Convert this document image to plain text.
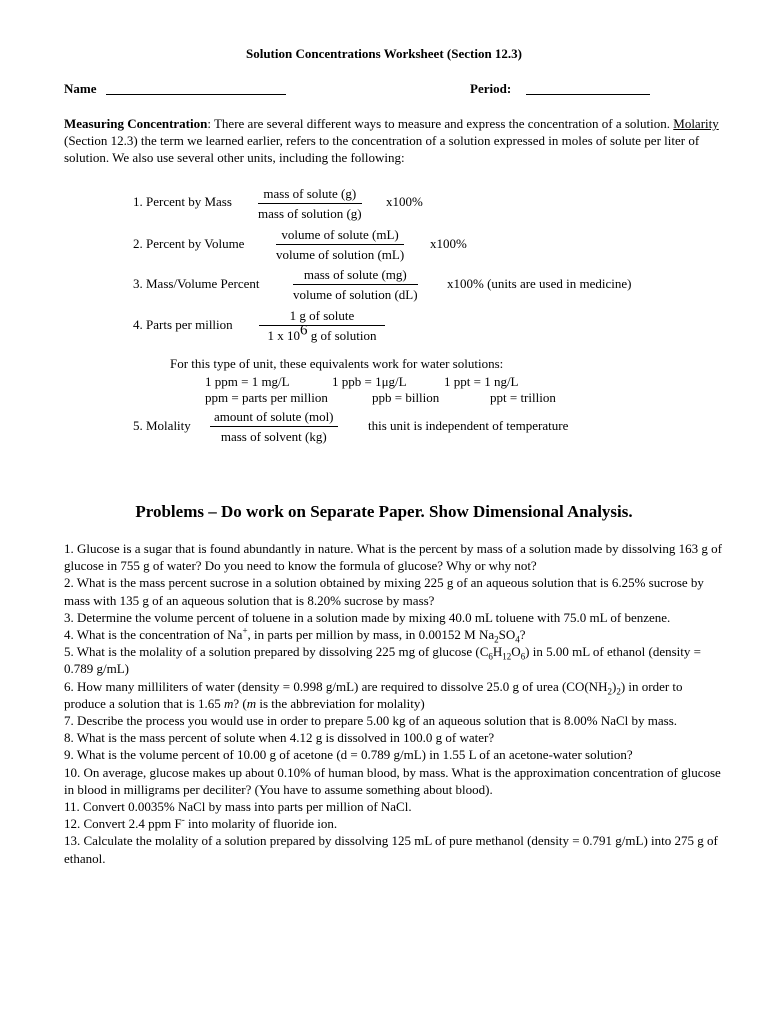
Solution Concentrations Worksheet (Section 12.3)
Name	Period:
Measuring Concentration: There are several different ways to measure and express the concentration of a solution. Molarity (Section 12.3) the term we learned earlier, refers to the concentration of a solution expressed in moles of solute per liter of solution. We also use several other units, including the following:
1. Percent by Mass
mass of solute (g)
mass of solution (g)
x100%
2. Percent by Volume
volume of solute (mL)
volume of solution (mL)
x100%
3. Mass/Volume Percent
mass of solute (mg)
volume of solution (dL)
x100% (units are used in medicine)
4. Parts per million
1 g of solute
1 x $10^6$ g of solution
For this type of unit, these equivalents work for water solutions:
1 ppm = 1 mg/L	1 ppb = 1μg/L	1 ppt = 1 ng/L
ppm = parts per million	ppb = billion	ppt = trillion
5. Molality
amount of solute (mol)
mass of solvent (kg)
this unit is independent of temperature
Problems – Do work on Separate Paper. Show Dimensional Analysis.

1. Glucose is a sugar that is found abundantly in nature. What is the percent by mass of a solution made by dissolving 163 g of glucose in 755 g of water? Do you need to know the formula of glucose? Why or why not?

2. What is the mass percent sucrose in a solution obtained by mixing 225 g of an aqueous solution that is 6.25% sucrose by mass with 135 g of an aqueous solution that is 8.20% sucrose by mass?

3. Determine the volume percent of toluene in a solution made by mixing 40.0 mL toluene with 75.0 mL of benzene.

4. What is the concentration of Na+, in parts per million by mass, in 0.00152 M $Na_2SO_4$?

5. What is the molality of a solution prepared by dissolving 225 mg of glucose $(C_6H_{12}O_6)$ in 5.00 mL of ethanol (density = 0.789 g/mL)

6. How many milliliters of water (density = 0.998 g/mL) are required to dissolve 25.0 g of urea $(CO(NH_2)_2)$ in order to produce a solution that is 1.65 m? (m is the abbreviation for molality)

7. Describe the process you would use in order to prepare 5.00 kg of an aqueous solution that is 8.00% NaCl by mass.

8. What is the mass percent of solute when 4.12 g is dissolved in 100.0 g of water?

9. What is the volume percent of 10.00 g of acetone (d = 0.789 g/mL) in 1.55 L of an acetone-water solution?

10. On average, glucose makes up about 0.10% of human blood, by mass. What is the approximation concentration of glucose in blood in milligrams per deciliter? (You have to assume something about blood).

11. Convert 0.0035% NaCl by mass into parts per million of NaCl.

12. Convert 2.4 ppm F- into molarity of fluoride ion.

13. Calculate the molality of a solution prepared by dissolving 125 mL of pure methanol (density = 0.791 g/mL) into 275 g of ethanol.
